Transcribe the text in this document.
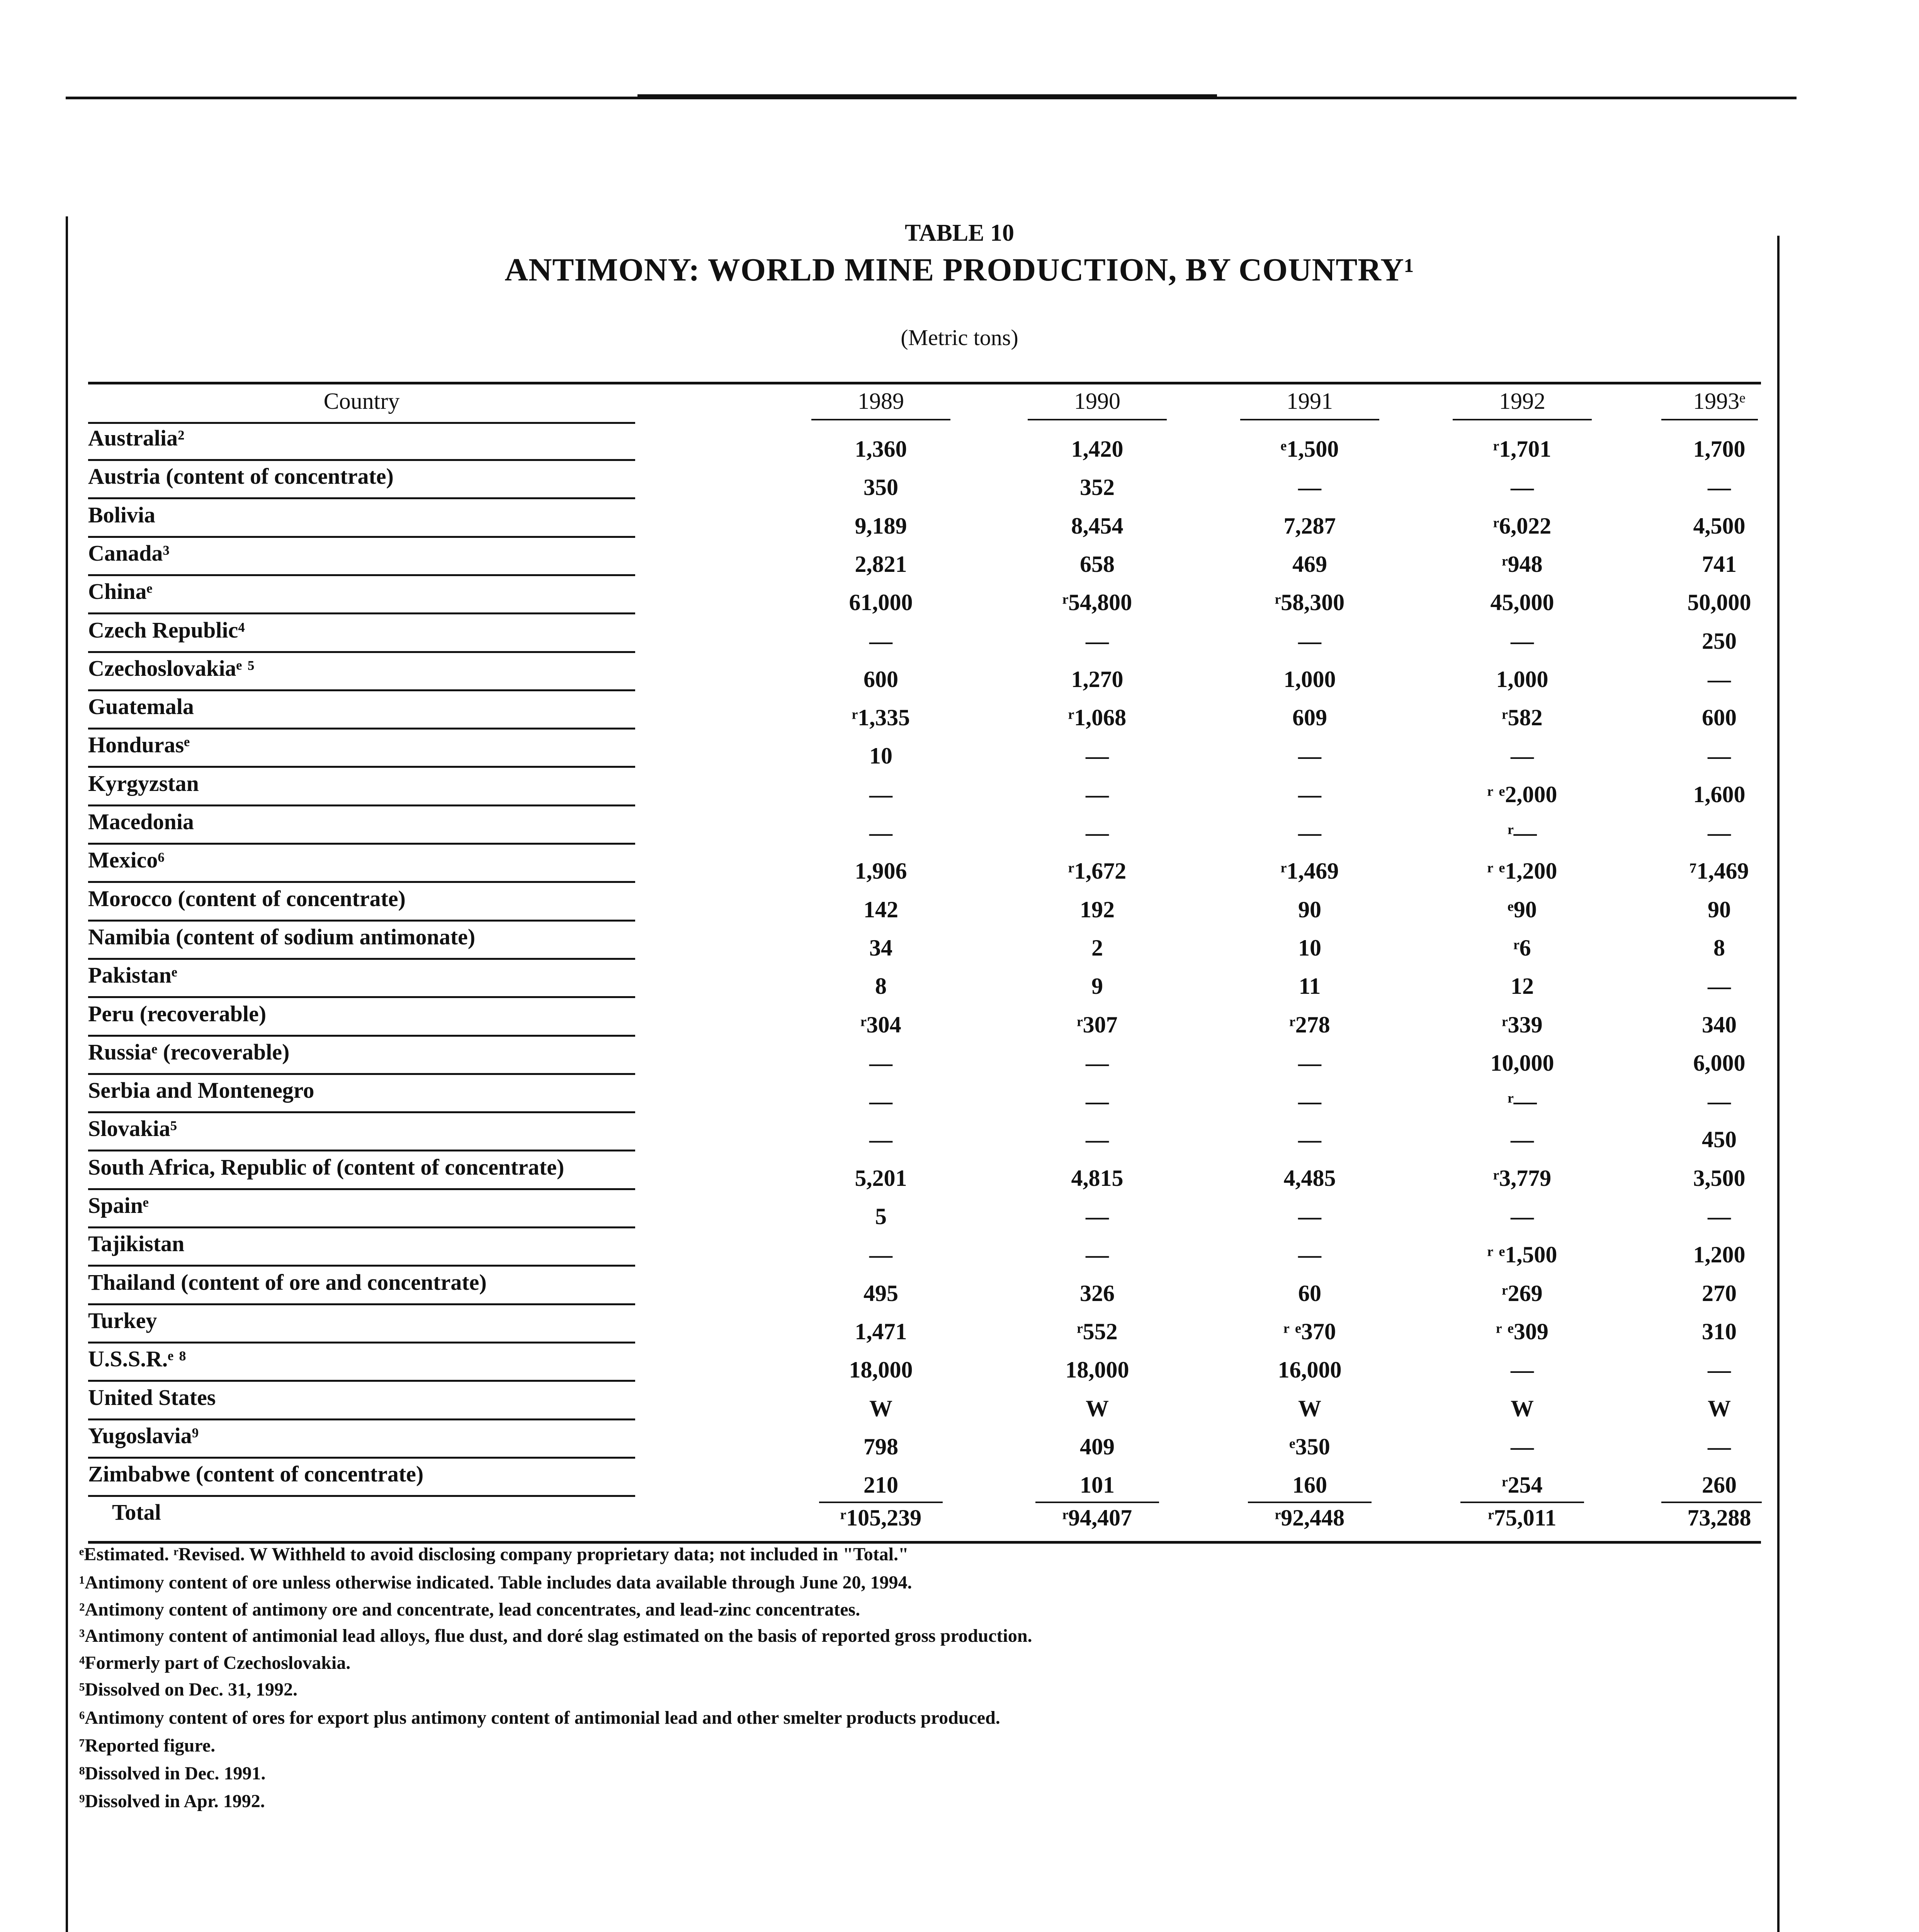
TABLE 10
ANTIMONY: WORLD MINE PRODUCTION, BY COUNTRY¹
(Metric tons)
Country	1989	1990	1991	1992	1993ᵉ
Australia²	1,360	1,420	ᵉ1,500	ʳ1,701	1,700
Austria (content of concentrate)	350	352	—	—	—
Bolivia	9,189	8,454	7,287	ʳ6,022	4,500
Canada³	2,821	658	469	ʳ948	741
Chinaᵉ	61,000	ʳ54,800	ʳ58,300	45,000	50,000
Czech Republic⁴	—	—	—	—	250
Czechoslovakiaᵉ ⁵	600	1,270	1,000	1,000	—
Guatemala	ʳ1,335	ʳ1,068	609	ʳ582	600
Hondurasᵉ	10	—	—	—	—
Kyrgyzstan	—	—	—	ʳ ᵉ2,000	1,600
Macedonia	—	—	—	ʳ—	—
Mexico⁶	1,906	ʳ1,672	ʳ1,469	ʳ ᵉ1,200	⁷1,469
Morocco (content of concentrate)	142	192	90	ᵉ90	90
Namibia (content of sodium antimonate)	34	2	10	ʳ6	8
Pakistanᵉ	8	9	11	12	—
Peru (recoverable)	ʳ304	ʳ307	ʳ278	ʳ339	340
Russiaᵉ (recoverable)	—	—	—	10,000	6,000
Serbia and Montenegro	—	—	—	ʳ—	—
Slovakia⁵	—	—	—	—	450
South Africa, Republic of (content of concentrate)	5,201	4,815	4,485	ʳ3,779	3,500
Spainᵉ	5	—	—	—	—
Tajikistan	—	—	—	ʳ ᵉ1,500	1,200
Thailand (content of ore and concentrate)	495	326	60	ʳ269	270
Turkey	1,471	ʳ552	ʳ ᵉ370	ʳ ᵉ309	310
U.S.S.R.ᵉ ⁸	18,000	18,000	16,000	—	—
United States	W	W	W	W	W
Yugoslavia⁹	798	409	ᵉ350	—	—
Zimbabwe (content of concentrate)	210	101	160	ʳ254	260
Total	ʳ105,239	ʳ94,407	ʳ92,448	ʳ75,011	73,288
ᵉEstimated. ʳRevised. W Withheld to avoid disclosing company proprietary data; not included in "Total."
¹Antimony content of ore unless otherwise indicated. Table includes data available through June 20, 1994.
²Antimony content of antimony ore and concentrate, lead concentrates, and lead-zinc concentrates.
³Antimony content of antimonial lead alloys, flue dust, and doré slag estimated on the basis of reported gross production.
⁴Formerly part of Czechoslovakia.
⁵Dissolved on Dec. 31, 1992.
⁶Antimony content of ores for export plus antimony content of antimonial lead and other smelter products produced.
⁷Reported figure.
⁸Dissolved in Dec. 1991.
⁹Dissolved in Apr. 1992.
